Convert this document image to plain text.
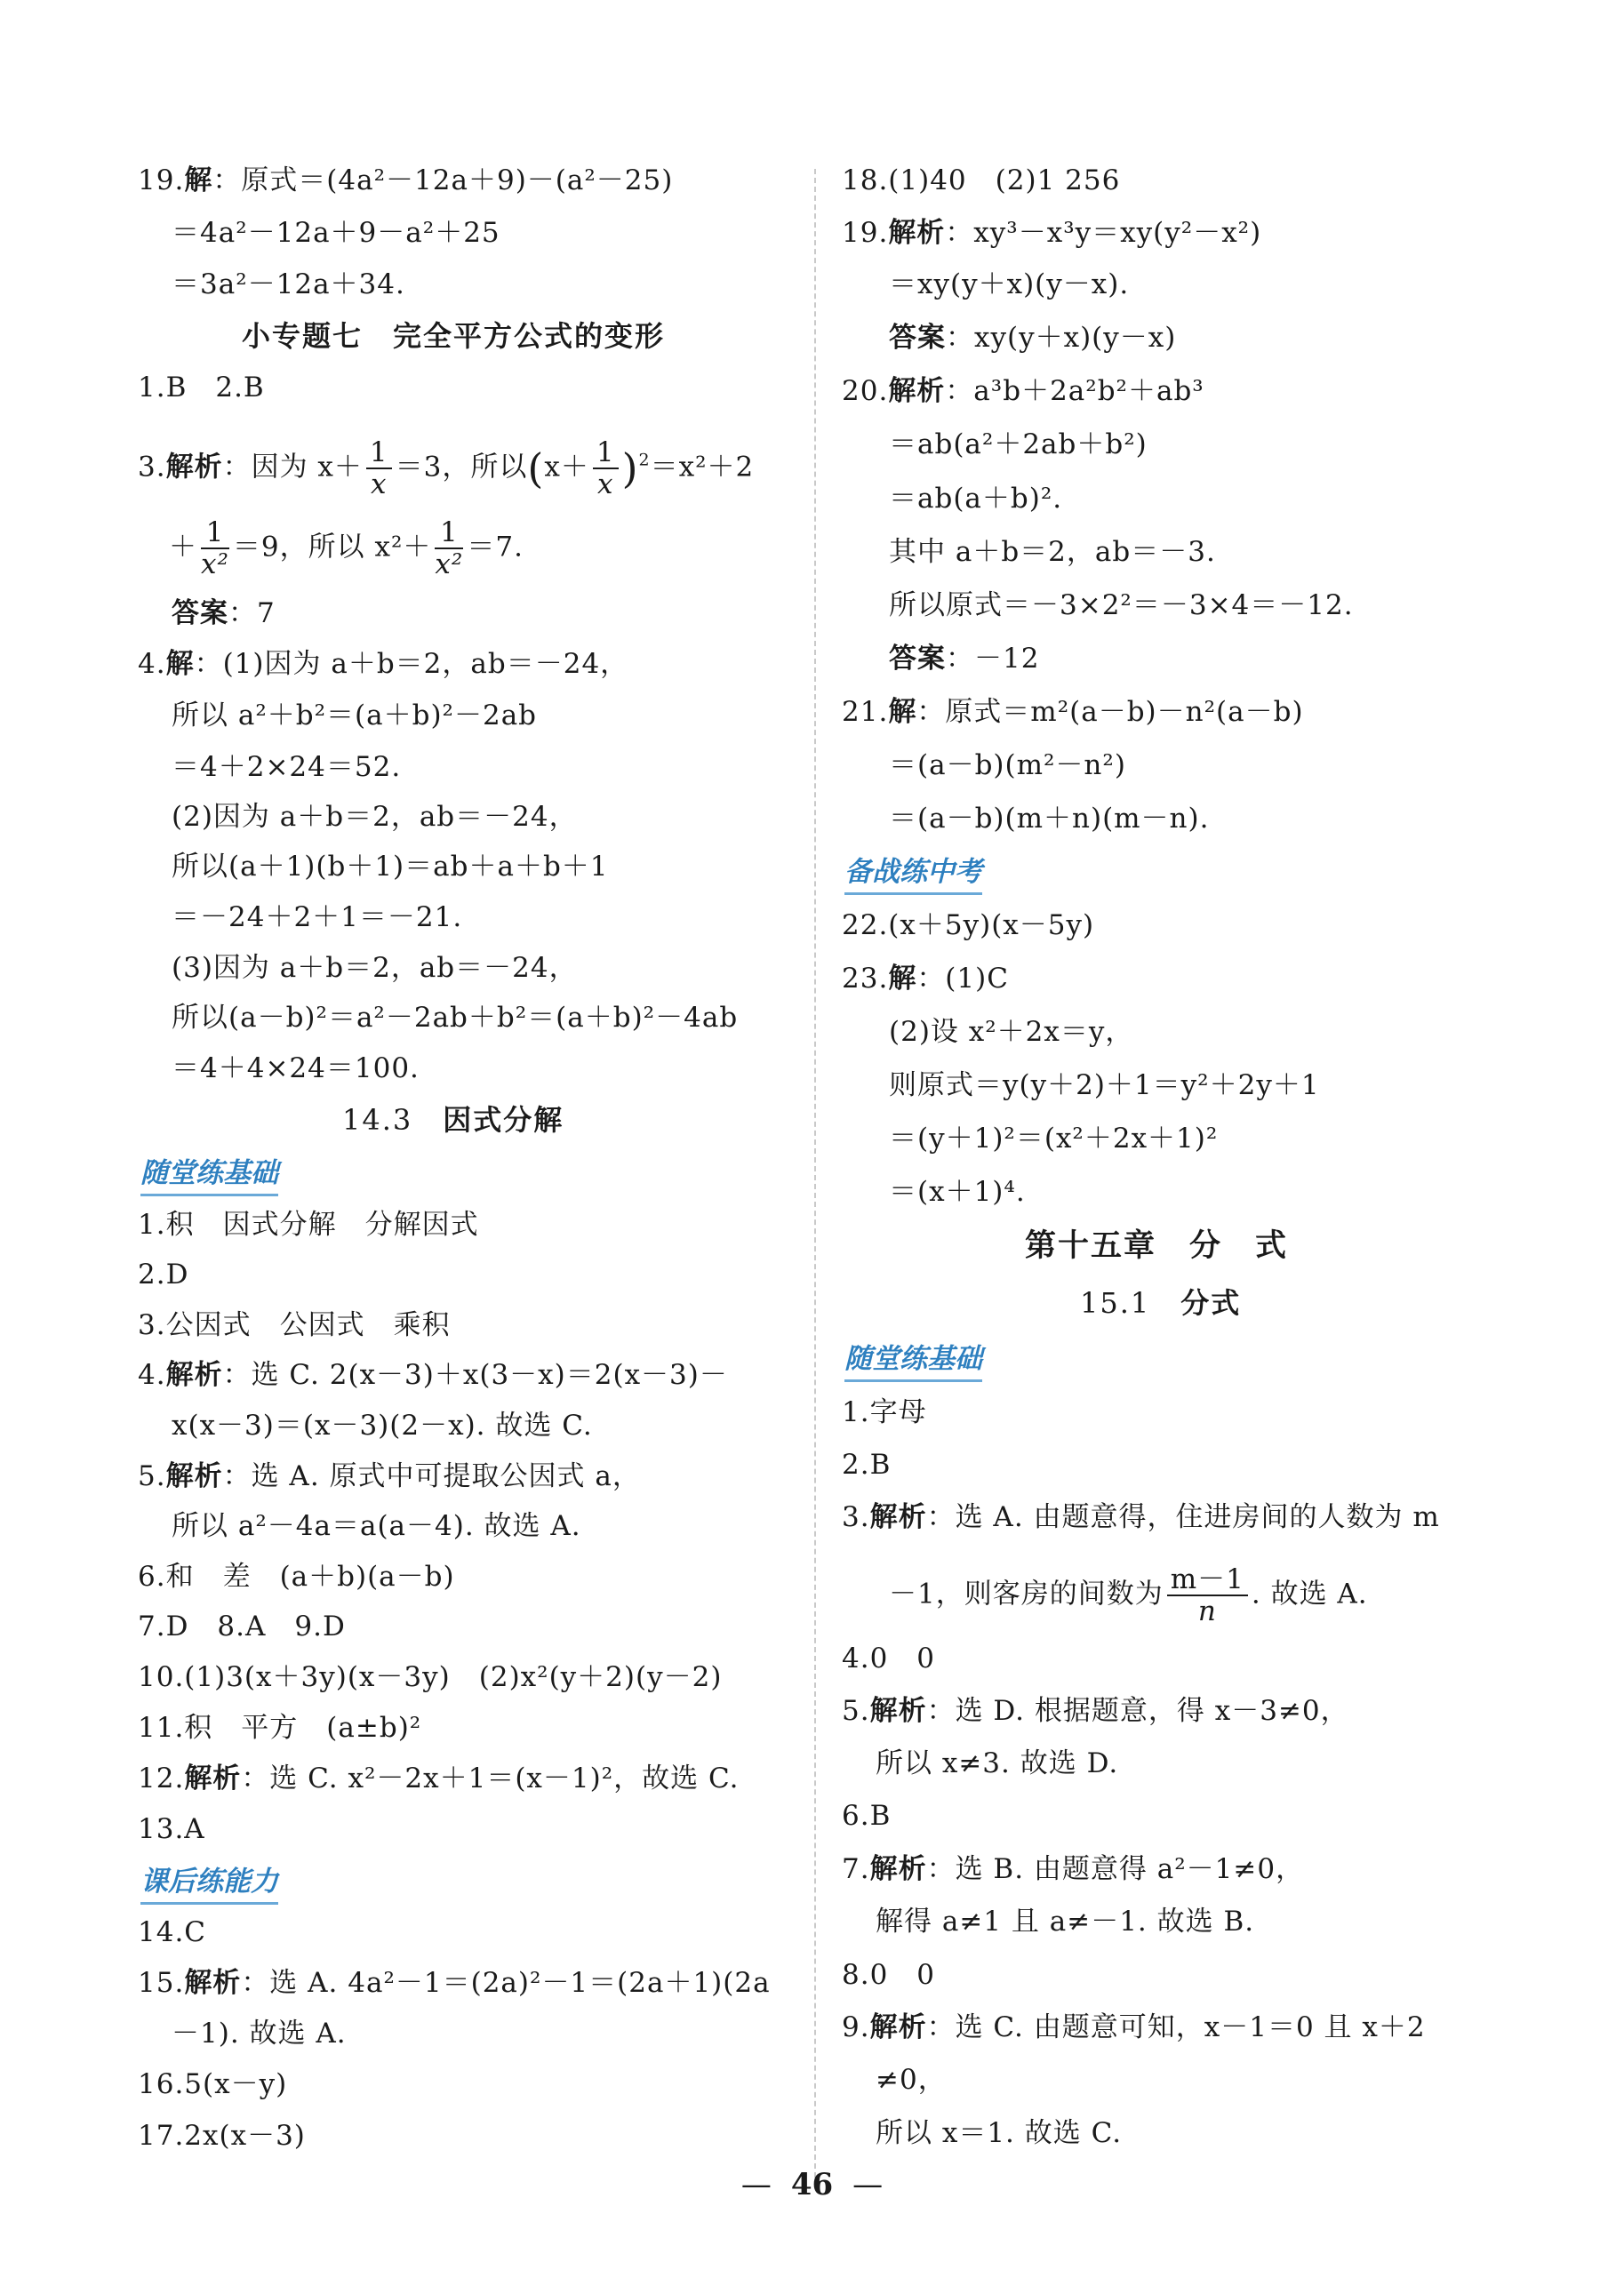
19.解：原式＝(4a²－12a＋9)－(a²－25)
＝4a²－12a＋9－a²＋25
＝3a²－12a＋34.
小专题七　完全平方公式的变形
1.B　2.B
3.解析：因为 $x+ \frac{1}{x} =3$，所以$(x+ \frac{1}{x} )^2=x^2+2$
＋ $\frac{1}{\text{x²}} =9$，所以 $x^2+ \frac{1}{\text{x²}} =7$.
答案：7
4.解：(1)因为 a＋b＝2，ab＝－24，
所以 a²＋b²＝(a＋b)²－2ab
＝4＋2×24＝52.
(2)因为 a＋b＝2，ab＝－24，
所以(a＋1)(b＋1)＝ab＋a＋b＋1
＝－24＋2＋1＝－21.
(3)因为 a＋b＝2，ab＝－24，
所以(a－b)²＝a²－2ab＋b²＝(a＋b)²－4ab
＝4＋4×24＝100.
14.3　 因式分解
随堂练基础
1.积　因式分解　分解因式
2.D
3.公因式　公因式　乘积
4.解析：选 C. 2(x－3)＋x(3－x)＝2(x－3)－
x(x－3)＝(x－3)(2－x). 故选 C.
5.解析：选 A. 原式中可提取公因式 a，
所以 a²－4a＝a(a－4). 故选 A.
6.和　差　(a＋b)(a－b)
7.D　8.A　9.D
10.(1)3(x＋3y)(x－3y)　(2)x²(y＋2)(y－2)
11.积　平方　(a±b)²
12.解析：选 C. x²－2x＋1＝(x－1)²，故选 C.
13.A
课后练能力
14.C
15.解析：选 A. 4a²－1＝(2a)²－1＝(2a＋1)(2a
－1). 故选 A.
16.5(x－y)
17.2x(x－3)
18.(1)40　(2)1 256
19.解析：xy³－x³y＝xy(y²－x²)
＝xy(y＋x)(y－x).
答案：xy(y＋x)(y－x)
20.解析：a³b＋2a²b²＋ab³
＝ab(a²＋2ab＋b²)
＝ab(a＋b)².
其中 a＋b＝2，ab＝－3.
所以原式＝－3×2²＝－3×4＝－12.
答案：－12
21.解：原式＝m²(a－b)－n²(a－b)
＝(a－b)(m²－n²)
＝(a－b)(m＋n)(m－n).
备战练中考
22.(x＋5y)(x－5y)
23.解：(1)C
(2)设 x²＋2x＝y，
则原式＝y(y＋2)＋1＝y²＋2y＋1
＝(y＋1)²＝(x²＋2x＋1)²
＝(x＋1)⁴.
第十五章　分　式
15.1　 分式
随堂练基础
1.字母
2.B
3.解析：选 A. 由题意得，住进房间的人数为 m
－1，则客房的间数为 $\frac{m-1}{n}$ . 故选 A.
4.0　0
5.解析：选 D. 根据题意，得 x－3≠0，
所以 x≠3. 故选 D.
6.B
7.解析：选 B. 由题意得 a²－1≠0，
解得 a≠1 且 a≠－1. 故选 B.
8.0　0
9.解析：选 C. 由题意可知，x－1＝0 且 x＋2
≠0，
所以 x＝1. 故选 C.
— 46 —
